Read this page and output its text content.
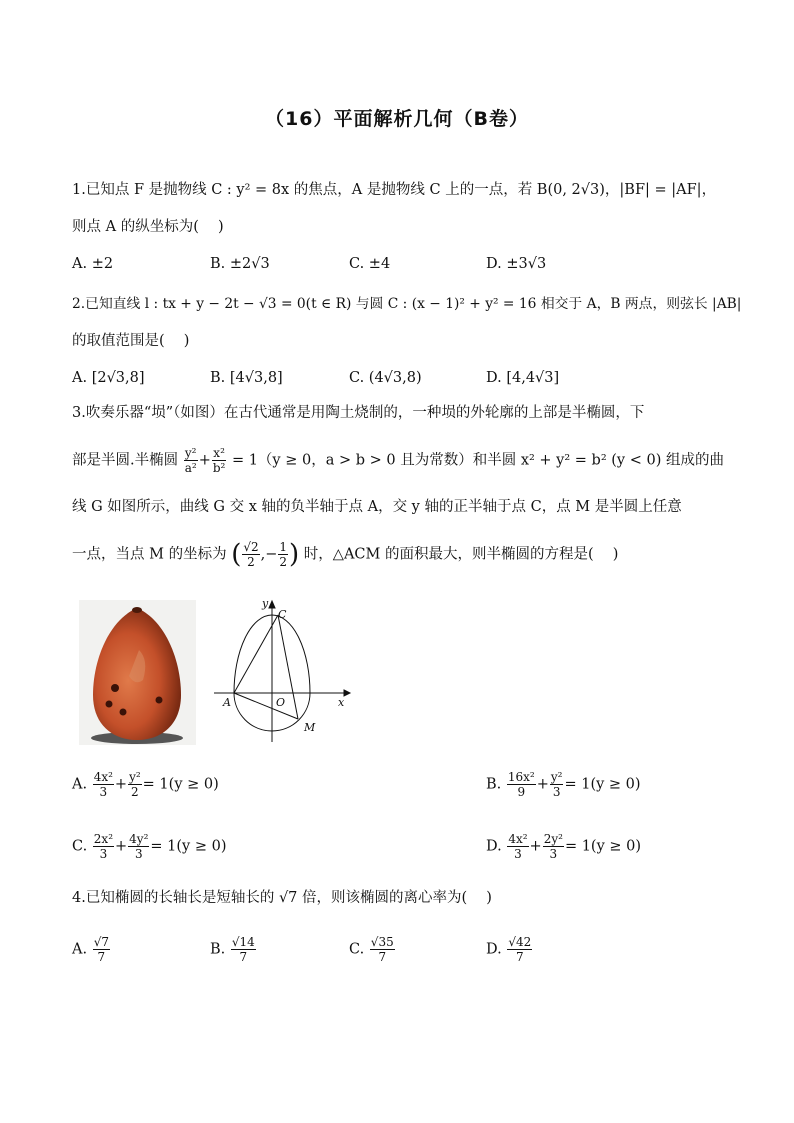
（16）平面解析几何（B卷）
1.已知点 F 是抛物线 C : y² = 8x 的焦点，A 是抛物线 C 上的一点，若 B(0, 2√3)，|BF| = |AF|，
则点 A 的纵坐标为(　 )
A. ±2	B. ±2√3	C. ±4	D. ±3√3
2.已知直线 l : tx + y − 2t − √3 = 0(t ∈ R) 与圆 C : (x − 1)² + y² = 16 相交于 A，B 两点，则弦长 |AB|
的取值范围是(　 )
A. [2√3,8]	B. [4√3,8]	C. (4√3,8)	D. [4,4√3]
3.吹奏乐器“埙”（如图）在古代通常是用陶土烧制的，一种埙的外轮廓的上部是半椭圆，下
部是半圆.半椭圆 $\frac{\text{y²}}{\text{a²}} + \frac{\text{x²}}{\text{b²}} = 1(y \ge 0$，a > b > 0 且为常数）和半圆 x² + y² = b² (y < 0) 组成的曲
线 G 如图所示，曲线 G 交 x 轴的负半轴于点 A，交 y 轴的正半轴于点 C，点 M 是半圆上任意
一点，当点 M 的坐标为 ( $\frac{√2}{2}$ ,− $\frac{1}{2}$ ) 时，△ACM 的面积最大，则半椭圆的方程是(　 )
y
x
C
A	O
M
A. $\frac{\text{4x²}}{3} + \frac{\text{y²}}{2} = 1(y \ge 0)$	B. $\frac{\text{16x²}}{9} + \frac{\text{y²}}{3} = 1(y \ge 0)$
C. $\frac{\text{2x²}}{3} + \frac{\text{4y²}}{3} = 1(y \ge 0)$	D. $\frac{\text{4x²}}{3} + \frac{\text{2y²}}{3} = 1(y \ge 0)$
4.已知椭圆的长轴长是短轴长的 √7 倍，则该椭圆的离心率为(　 )
A. $\frac{√7}{7}$	B. $\frac{√14}{7}$	C. $\frac{√35}{7}$	D. $\frac{√42}{7}$
